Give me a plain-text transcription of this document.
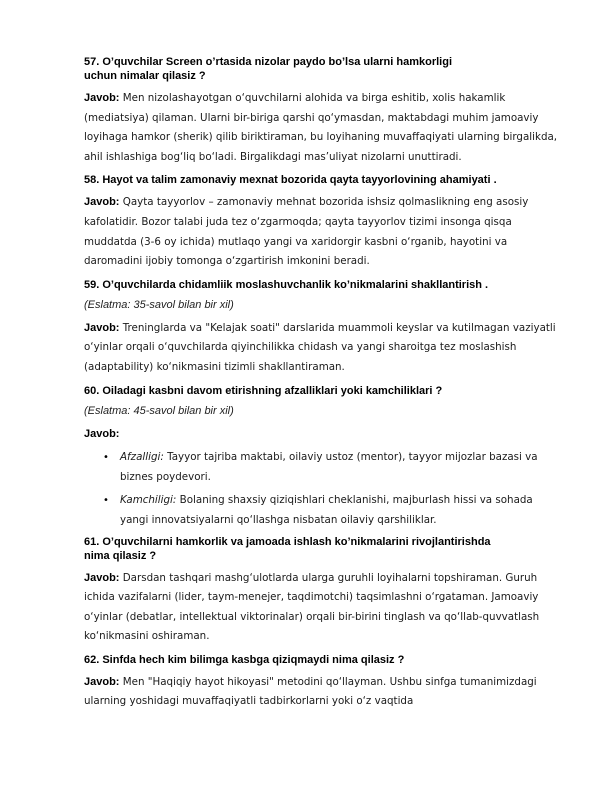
57. O’quvchilar Screen o’rtasida nizolar paydo bo’lsa ularni hamkorligi
uchun nimalar qilasiz ?

Javob: Men nizolashayotgan o‘quvchilarni alohida va birga eshitib, xolis hakamlik (mediatsiya) qilaman. Ularni bir-biriga qarshi qo‘ymasdan, maktabdagi muhim jamoaviy loyihaga hamkor (sherik) qilib biriktiraman, bu loyihaning muvaffaqiyati ularning birgalikda, ahil ishlashiga bog‘liq bo‘ladi. Birgalikdagi mas’uliyat nizolarni unuttiradi.

58. Hayot va talim zamonaviy mexnat bozorida qayta tayyorlovining ahamiyati .

Javob: Qayta tayyorlov – zamonaviy mehnat bozorida ishsiz qolmaslikning eng asosiy kafolatidir. Bozor talabi juda tez o‘zgarmoqda; qayta tayyorlov tizimi insonga qisqa muddatda (3-6 oy ichida) mutlaqo yangi va xaridorgir kasbni o‘rganib, hayotini va daromadini ijobiy tomonga o‘zgartirish imkonini beradi.

59. O’quvchilarda chidamliik moslashuvchanlik ko’nikmalarini shakllantirish .
(Eslatma: 35-savol bilan bir xil)

Javob: Treninglarda va "Kelajak soati" darslarida muammolі keyslar va kutilmagan vaziyatli o‘yinlar orqali o‘quvchilarda qiyinchilikka chidash va yangi sharoitga tez moslashish (adaptability) ko‘nikmasini tizimli shakllantiraman.

60. Oiladagi kasbni davom etirishning afzalliklari yoki kamchiliklari ?
(Eslatma: 45-savol bilan bir xil)

Javob:

• Afzalligi: Tayyor tajriba maktabi, oilaviy ustoz (mentor), tayyor mijozlar bazasi va biznes poydevori.
• Kamchiligi: Bolaning shaxsiy qiziqishlari cheklanishi, majburlash hissi va sohada yangi innovatsiyalarni qo‘llashga nisbatan oilaviy qarshiliklar.
61. O’quvchilarni hamkorlik va jamoada ishlash ko’nikmalarini rivojlantirishda
nima qilasiz ?

Javob: Darsdan tashqari mashg‘ulotlarda ularga guruhli loyihalarni topshiraman. Guruh ichida vazifalarni (lider, taym-menejer, taqdimotchi) taqsimlashni o‘rgataman. Jamoaviy o‘yinlar (debatlar, intellektual viktorinalar) orqali bir-birini tinglash va qo‘llab-quvvatlash ko‘nikmasini oshiraman.

62. Sinfda hech kim bilimga kasbga qiziqmaydi nima qilasiz ?

Javob: Men "Haqiqiy hayot hikoyasi" metodini qo‘llayman. Ushbu sinfga tumanimizdagi ularning yoshidagi muvaffaqiyatli tadbirkorlarni yoki o‘z vaqtida
